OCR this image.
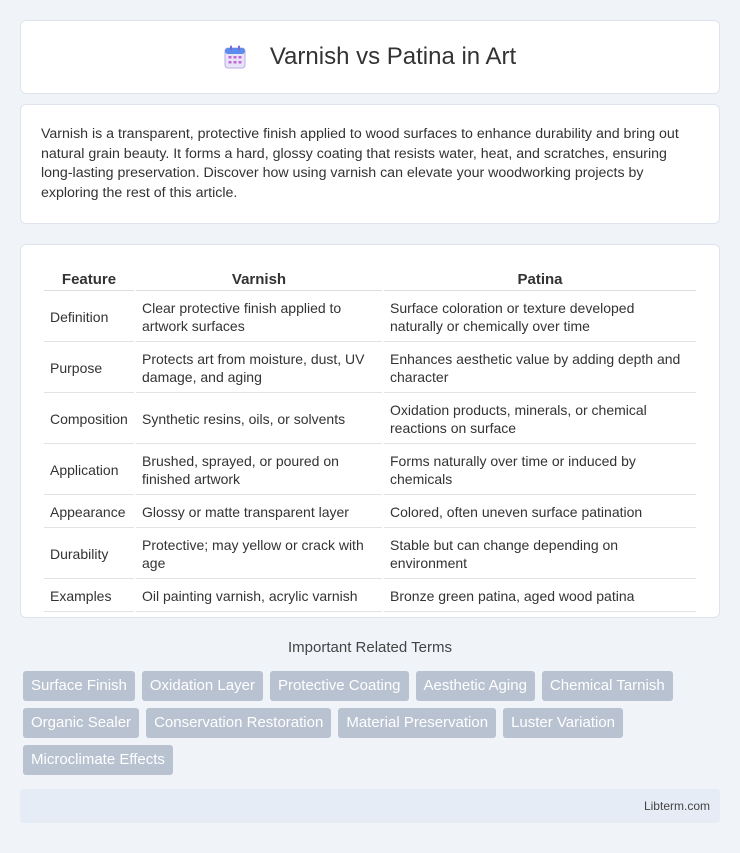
Varnish vs Patina in Art

Varnish is a transparent, protective finish applied to wood surfaces to enhance durability and bring out natural grain beauty. It forms a hard, glossy coating that resists water, heat, and scratches, ensuring long-lasting preservation. Discover how using varnish can elevate your woodworking projects by exploring the rest of this article.

Feature	Varnish	Patina
Definition	Clear protective finish applied to artwork surfaces	Surface coloration or texture developed naturally or chemically over time
Purpose	Protects art from moisture, dust, UV damage, and aging	Enhances aesthetic value by adding depth and character
Composition	Synthetic resins, oils, or solvents	Oxidation products, minerals, or chemical reactions on surface
Application	Brushed, sprayed, or poured on finished artwork	Forms naturally over time or induced by chemicals
Appearance	Glossy or matte transparent layer	Colored, often uneven surface patination
Durability	Protective; may yellow or crack with age	Stable but can change depending on environment
Examples	Oil painting varnish, acrylic varnish	Bronze green patina, aged wood patina
Important Related Terms
Surface Finish	Oxidation Layer	Protective Coating	Aesthetic Aging	Chemical Tarnish
Organic Sealer	Conservation Restoration	Material Preservation	Luster Variation
Microclimate Effects
Libterm.com
